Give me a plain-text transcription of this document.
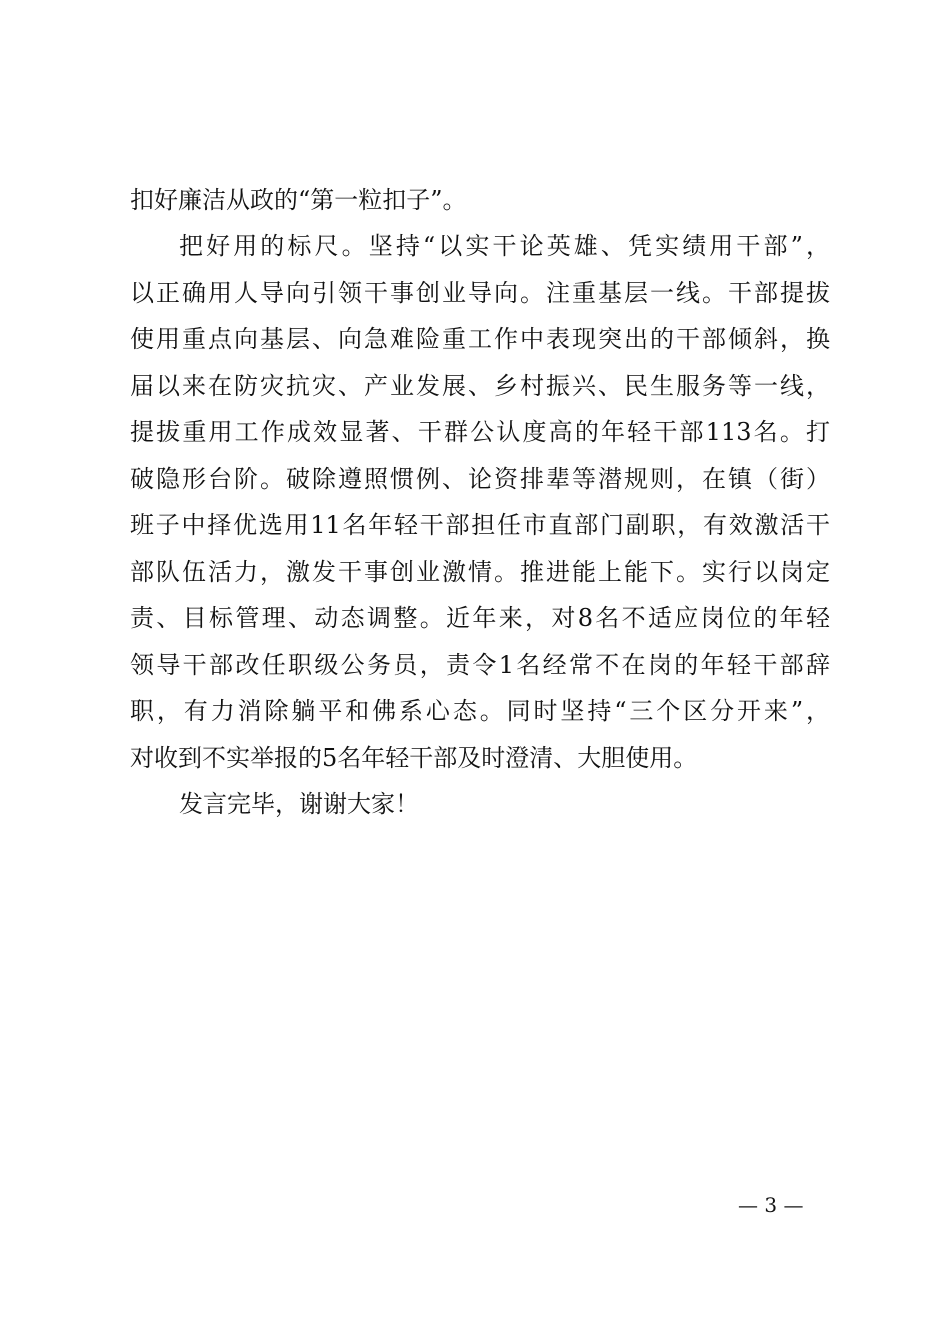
扣好廉洁从政的“第一粒扣子”。
把好用的标尺。坚持“以实干论英雄、凭实绩用干部”，
以正确用人导向引领干事创业导向。注重基层一线。干部提拔
使用重点向基层、向急难险重工作中表现突出的干部倾斜，换
届以来在防灾抗灾、产业发展、乡村振兴、民生服务等一线，
提拔重用工作成效显著、干群公认度高的年轻干部113名。打
破隐形台阶。破除遵照惯例、论资排辈等潜规则，在镇（街）
班子中择优选用11名年轻干部担任市直部门副职，有效激活干
部队伍活力，激发干事创业激情。推进能上能下。实行以岗定
责、目标管理、动态调整。近年来，对8名不适应岗位的年轻
领导干部改任职级公务员，责令1名经常不在岗的年轻干部辞
职，有力消除躺平和佛系心态。同时坚持“三个区分开来”，
对收到不实举报的5名年轻干部及时澄清、大胆使用。
发言完毕，谢谢大家！
— 3 —
